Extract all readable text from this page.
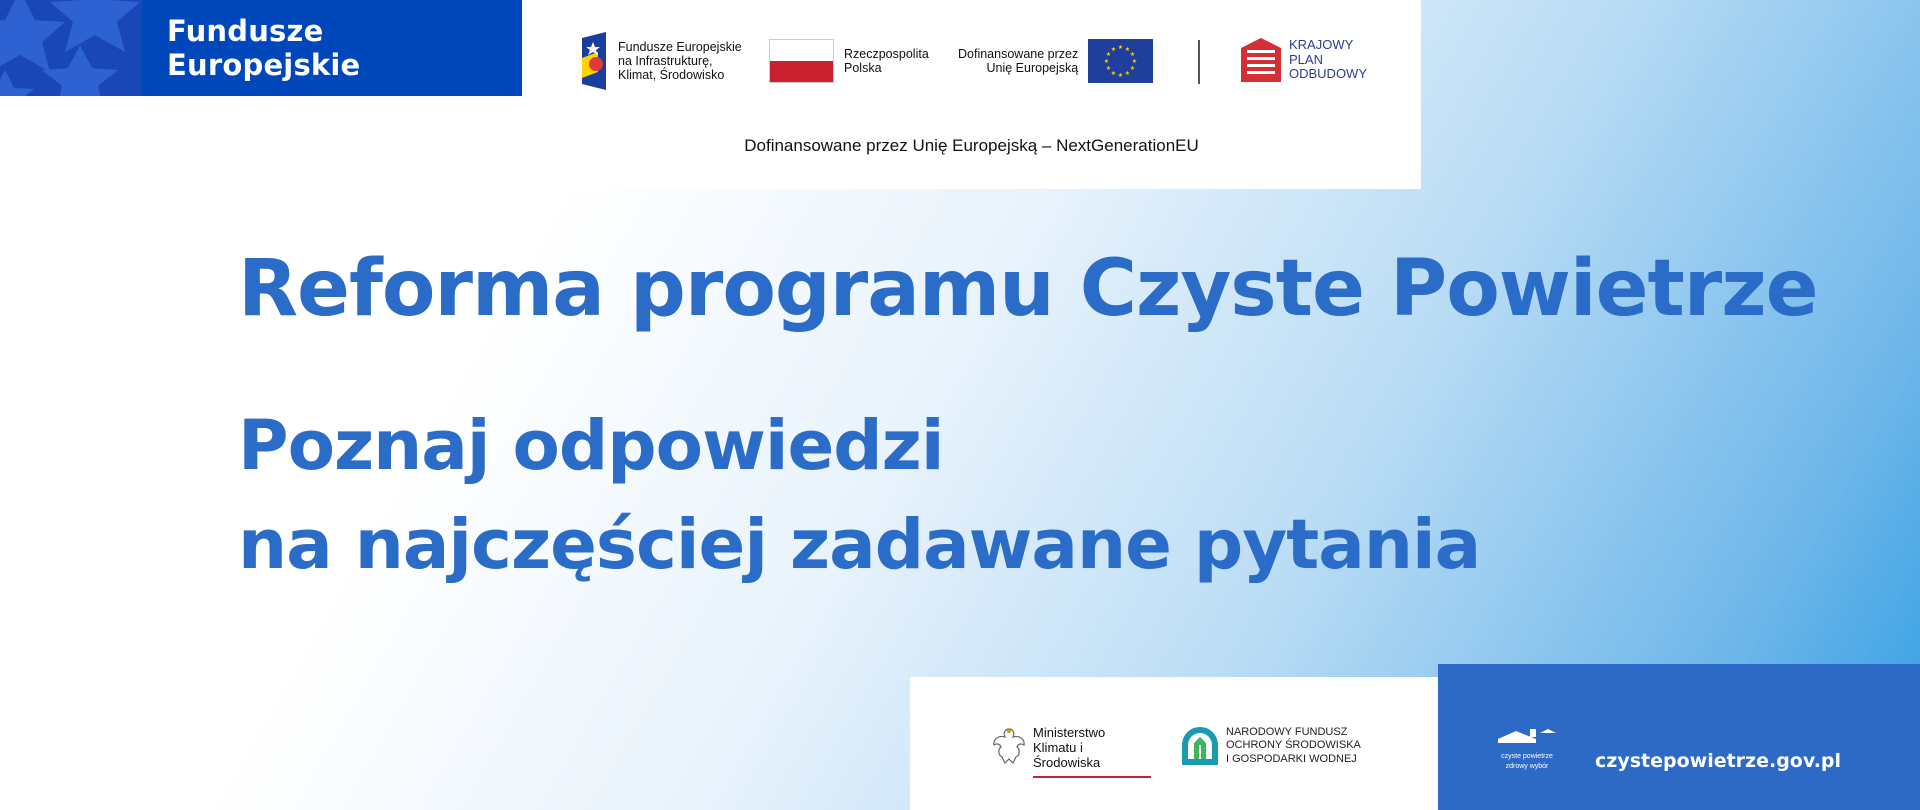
Fundusze Europejskie
Fundusze Europejskie
na Infrastrukturę,
Klimat, Środowisko
Rzeczpospolita
Polska
Dofinansowane przez
Unię Europejską
★ ★
★
★
★
★
★
★
★
★
★
★	KRAJOWY
PLAN
ODBUDOWY
Dofinansowane przez Unię Europejską – NextGenerationEU
Reforma programu Czyste Powietrze
Poznaj odpowiedzi
na najczęściej zadawane pytania
Ministerstwo
Klimatu i Środowiska
NARODOWY FUNDUSZ
OCHRONY ŚRODOWISKA
I GOSPODARKI WODNEJ	czyste powietrze
zdrowy wybór	czystepowietrze.gov.pl
